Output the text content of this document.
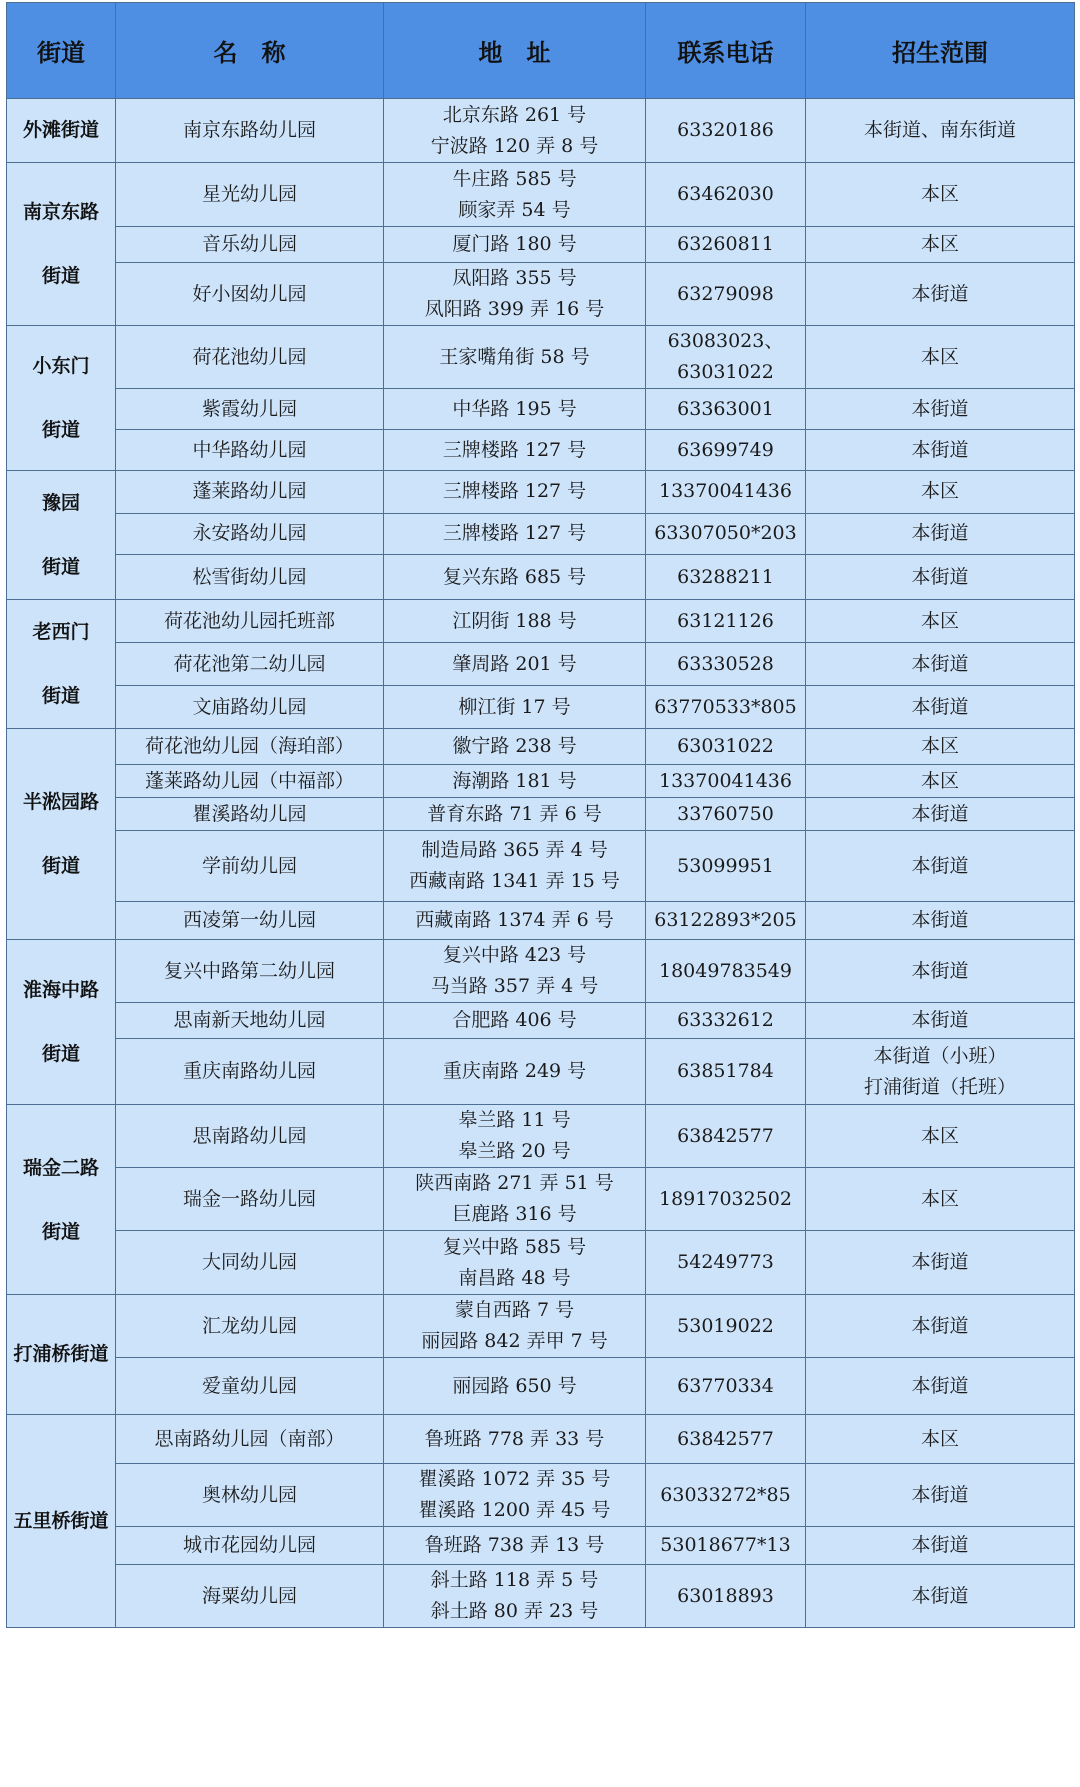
街道	名　称	地　址	联系电话	招生范围

外滩街道	南京东路幼儿园	北京东路 261 号
宁波路 120 弄 8 号	63320186	本街道、南东街道

南京东路
街道	星光幼儿园	牛庄路 585 号
顾家弄 54 号	63462030	本区

	音乐幼儿园	厦门路 180 号	63260811	本区

	好小囡幼儿园	凤阳路 355 号
凤阳路 399 弄 16 号	63279098	本街道

小东门
街道	荷花池幼儿园	王家嘴角街 58 号	63083023、
63031022	本区

	紫霞幼儿园	中华路 195 号	63363001	本街道

	中华路幼儿园	三牌楼路 127 号	63699749	本街道

豫园
街道	蓬莱路幼儿园	三牌楼路 127 号	13370041436	本区

	永安路幼儿园	三牌楼路 127 号	63307050*203	本街道

	松雪街幼儿园	复兴东路 685 号	63288211	本街道

老西门
街道	荷花池幼儿园托班部	江阴街 188 号	63121126	本区

	荷花池第二幼儿园	肇周路 201 号	63330528	本街道

	文庙路幼儿园	柳江街 17 号	63770533*805	本街道

半淞园路
街道	荷花池幼儿园（海珀部）	徽宁路 238 号	63031022	本区

	蓬莱路幼儿园（中福部）	海潮路 181 号	13370041436	本区

	瞿溪路幼儿园	普育东路 71 弄 6 号	33760750	本街道

	学前幼儿园	制造局路 365 弄 4 号
西藏南路 1341 弄 15 号	53099951	本街道

	西凌第一幼儿园	西藏南路 1374 弄 6 号	63122893*205	本街道

淮海中路
街道	复兴中路第二幼儿园	复兴中路 423 号
马当路 357 弄 4 号	18049783549	本街道

	思南新天地幼儿园	合肥路 406 号	63332612	本街道

	重庆南路幼儿园	重庆南路 249 号	63851784	本街道（小班）
打浦街道（托班）

瑞金二路
街道	思南路幼儿园	皋兰路 11 号
皋兰路 20 号	63842577	本区

	瑞金一路幼儿园	陕西南路 271 弄 51 号
巨鹿路 316 号	18917032502	本区

	大同幼儿园	复兴中路 585 号
南昌路 48 号	54249773	本街道

打浦桥街道	汇龙幼儿园	蒙自西路 7 号
丽园路 842 弄甲 7 号	53019022	本街道

	爱童幼儿园	丽园路 650 号	63770334	本街道

五里桥街道	思南路幼儿园（南部）	鲁班路 778 弄 33 号	63842577	本区

	奥林幼儿园	瞿溪路 1072 弄 35 号
瞿溪路 1200 弄 45 号	63033272*85	本街道

	城市花园幼儿园	鲁班路 738 弄 13 号	53018677*13	本街道

	海粟幼儿园	斜土路 118 弄 5 号
斜土路 80 弄 23 号	63018893	本街道
